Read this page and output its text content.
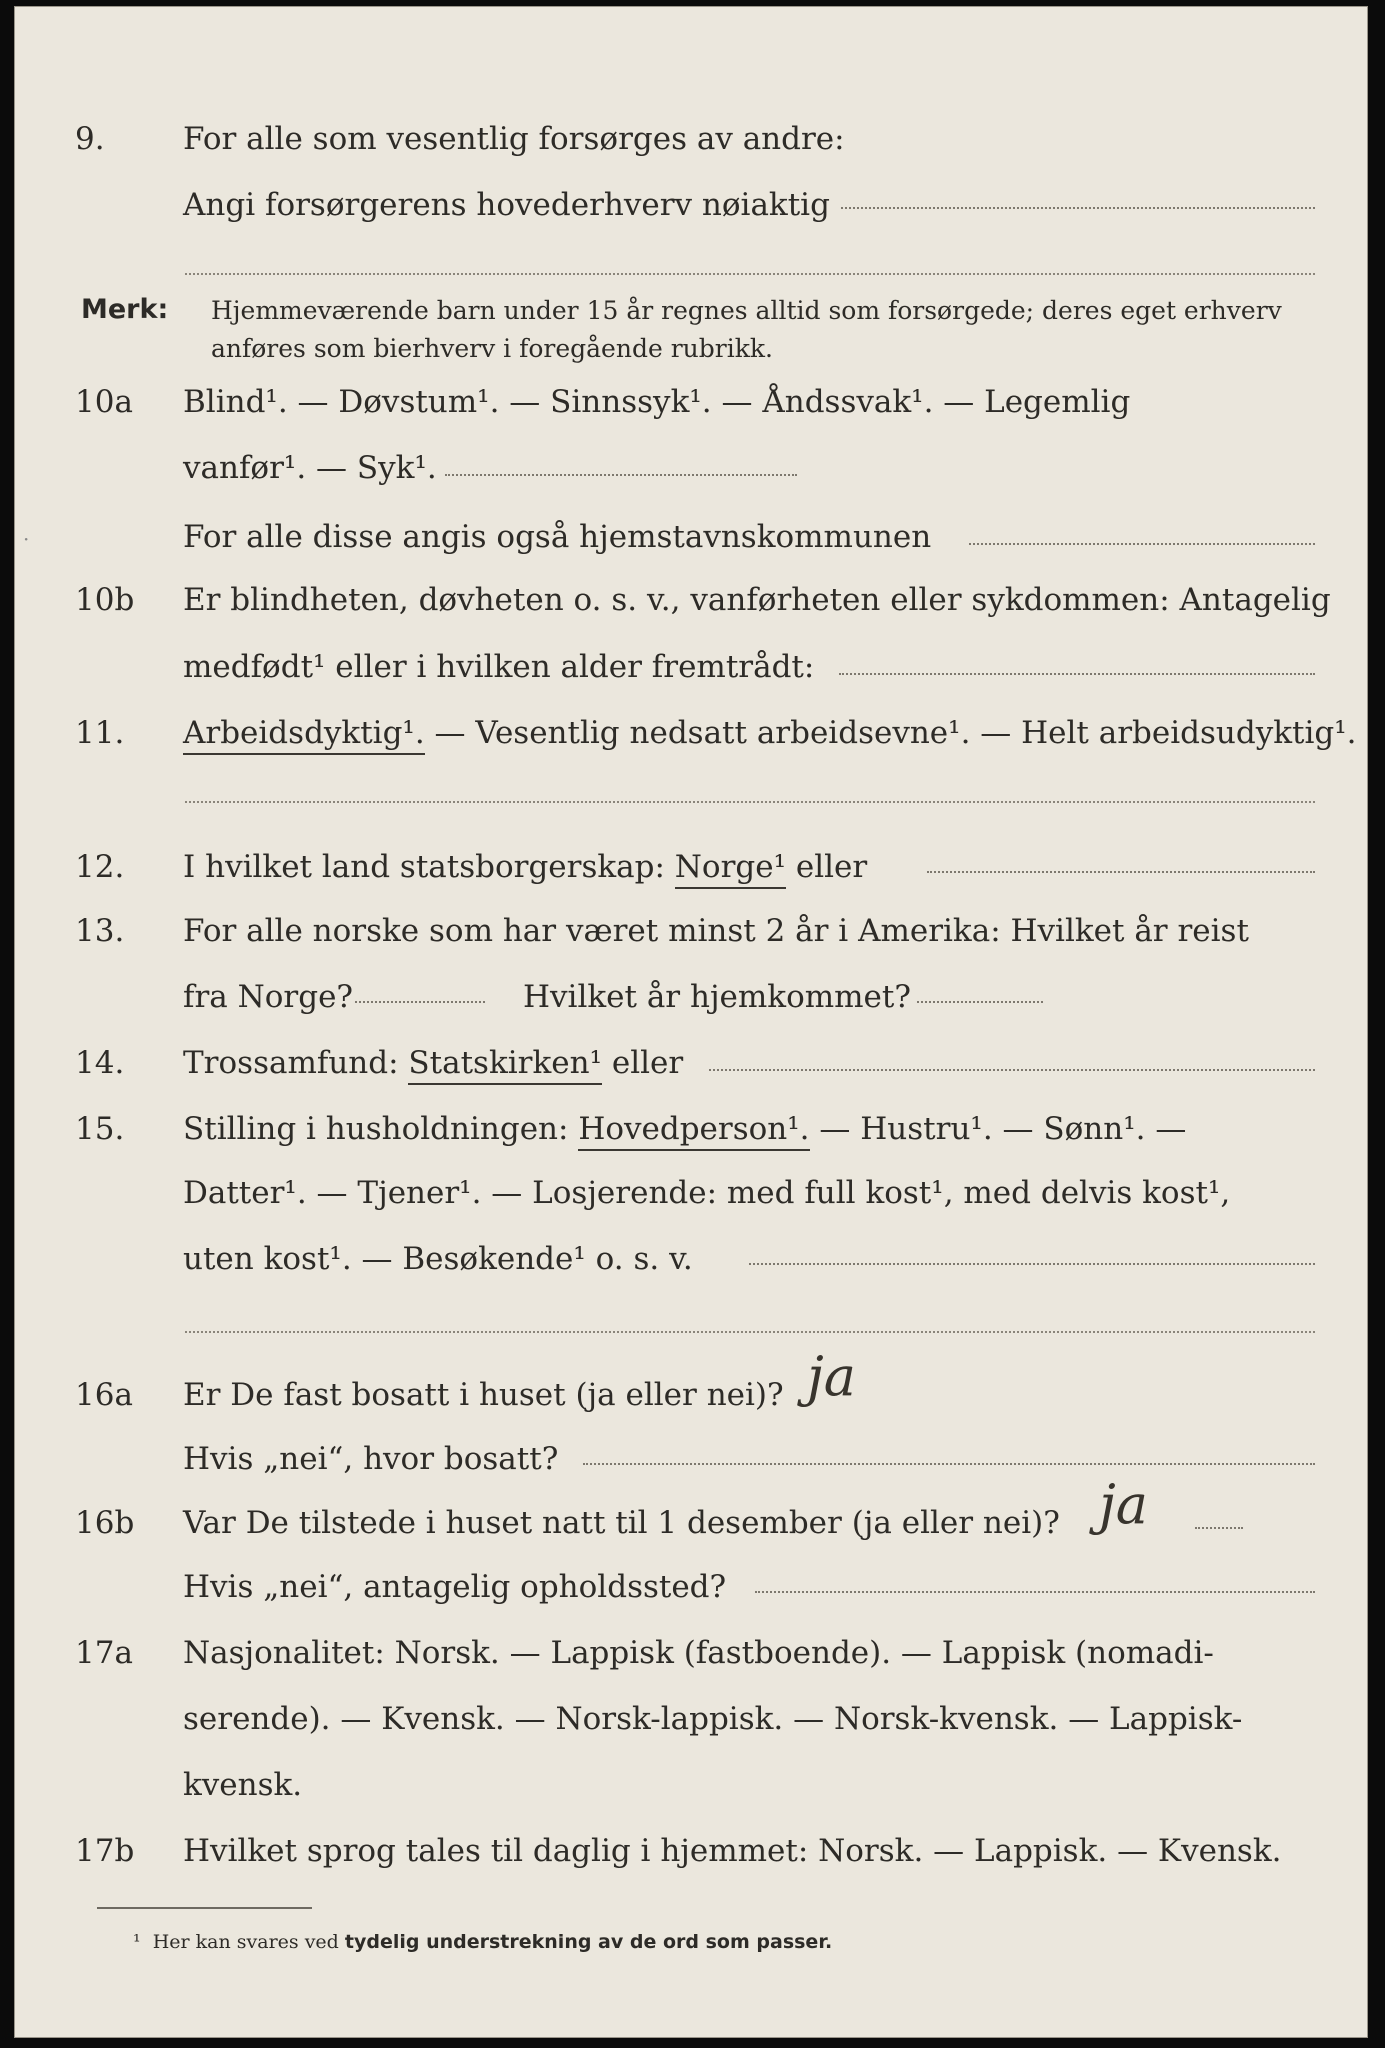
9.	For alle som vesentlig forsørges av andre:
Angi forsørgerens hovederhverv nøiaktig
Merk: Hjemmeværende barn under 15 år regnes alltid som forsørgede; deres eget erhverv
anføres som bierhverv i foregående rubrikk.
10a Blind¹. — Døvstum¹. — Sinnssyk¹. — Åndssvak¹. — Legemlig
vanfør¹. — Syk¹.
For alle disse angis også hjemstavnskommunen
·
10b Er blindheten, døvheten o. s. v., vanførheten eller sykdommen: Antagelig
medfødt¹ eller i hvilken alder fremtrådt:
11. Arbeidsdyktig¹. — Vesentlig nedsatt arbeidsevne¹. — Helt arbeidsudyktig¹.
12. I hvilket land statsborgerskap: Norge¹ eller
13. For alle norske som har været minst 2 år i Amerika: Hvilket år reist
fra Norge?	Hvilket år hjemkommet?
14. Trossamfund: Statskirken¹ eller
15. Stilling i husholdningen: Hovedperson¹. — Hustru¹. — Sønn¹. —
Datter¹. — Tjener¹. — Losjerende: med full kost¹, med delvis kost¹,
uten kost¹. — Besøkende¹ o. s. v.
16a Er De fast bosatt i huset (ja eller nei)? ja
Hvis „nei“, hvor bosatt?
16b Var De tilstede i huset natt til 1 desember (ja eller nei)? ja
Hvis „nei“, antagelig opholdssted?
17a Nasjonalitet: Norsk. — Lappisk (fastboende). — Lappisk (nomadi-
serende). — Kvensk. — Norsk-lappisk. — Norsk-kvensk. — Lappisk-
kvensk.
17b Hvilket sprog tales til daglig i hjemmet: Norsk. — Lappisk. — Kvensk.
¹ Her kan svares ved tydelig understrekning av de ord som passer.
